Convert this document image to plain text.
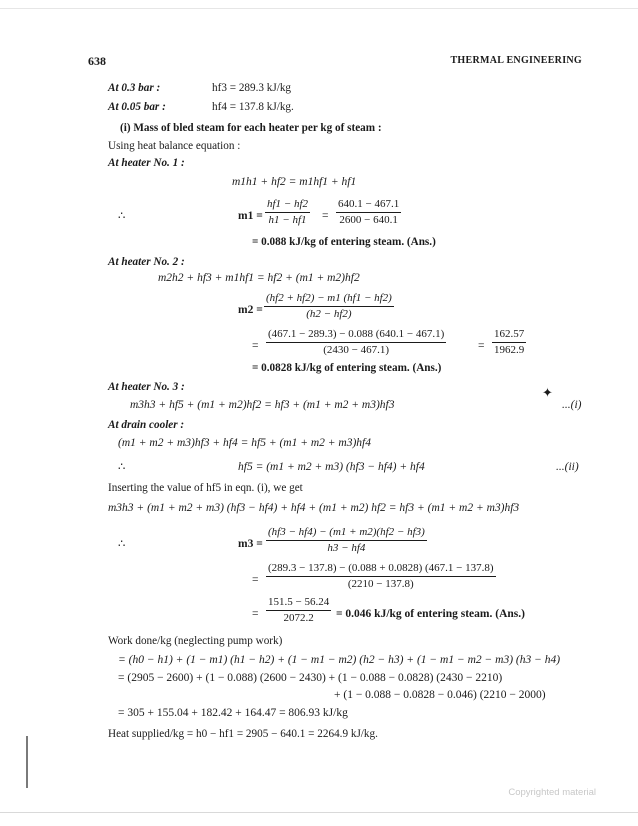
638	THERMAL ENGINEERING
At 0.3 bar :	hf3 = 289.3 kJ/kg
At 0.05 bar :	hf4 = 137.8 kJ/kg.
(i) Mass of bled steam for each heater per kg of steam :
Using heat balance equation :
At heater No. 1 :
m1h1 + hf2 = m1hf1 + hf1
∴	$m1 = \frac{hf1 - hf2}{h1 - hf1} = \frac{640.1 - 467.1}{2600 - 640.1}$
= 0.088 kJ/kg of entering steam. (Ans.)
At heater No. 2 :
m2h2 + hf3 + m1hf1 = hf2 + (m1 + m2)hf2
$m2 = \frac{(hf2 + hf2) - m1 (hf1 - hf2)}{(h2 - hf2)}$
= $\frac{(467.1 - 289.3) - 0.088 (640.1 - 467.1)}{(2430 - 467.1)}$	= $\frac{162.57}{1962.9}$
= 0.0828 kJ/kg of entering steam. (Ans.)
At heater No. 3 :	✦
m3h3 + hf5 + (m1 + m2)hf2 = hf3 + (m1 + m2 + m3)hf3	...(i)
At drain cooler :
(m1 + m2 + m3)hf3 + hf4 = hf5 + (m1 + m2 + m3)hf4
∴	hf5 = (m1 + m2 + m3) (hf3 − hf4) + hf4	...(ii)
Inserting the value of hf5 in eqn. (i), we get
m3h3 + (m1 + m2 + m3) (hf3 − hf4) + hf4 + (m1 + m2) hf2 = hf3 + (m1 + m2 + m3)hf3
∴	$m3 = \frac{(hf3 - hf4) - (m1 + m2)(hf2 - hf3)}{h3 - hf4}$
= $\frac{(289.3 - 137.8) - (0.088 + 0.0828) (467.1 - 137.8)}{(2210 - 137.8)}$
= $\frac{151.5 - 56.24}{2072.2} = 0.046$ kJ/kg of entering steam. (Ans.)
Work done/kg (neglecting pump work)
= (h0 − h1) + (1 − m1) (h1 − h2) + (1 − m1 − m2) (h2 − h3) + (1 − m1 − m2 − m3) (h3 − h4)
= (2905 − 2600) + (1 − 0.088) (2600 − 2430) + (1 − 0.088 − 0.0828) (2430 − 2210)
+ (1 − 0.088 − 0.0828 − 0.046) (2210 − 2000)
= 305 + 155.04 + 182.42 + 164.47 = 806.93 kJ/kg
Heat supplied/kg = h0 − hf1 = 2905 − 640.1 = 2264.9 kJ/kg.
Copyrighted material
